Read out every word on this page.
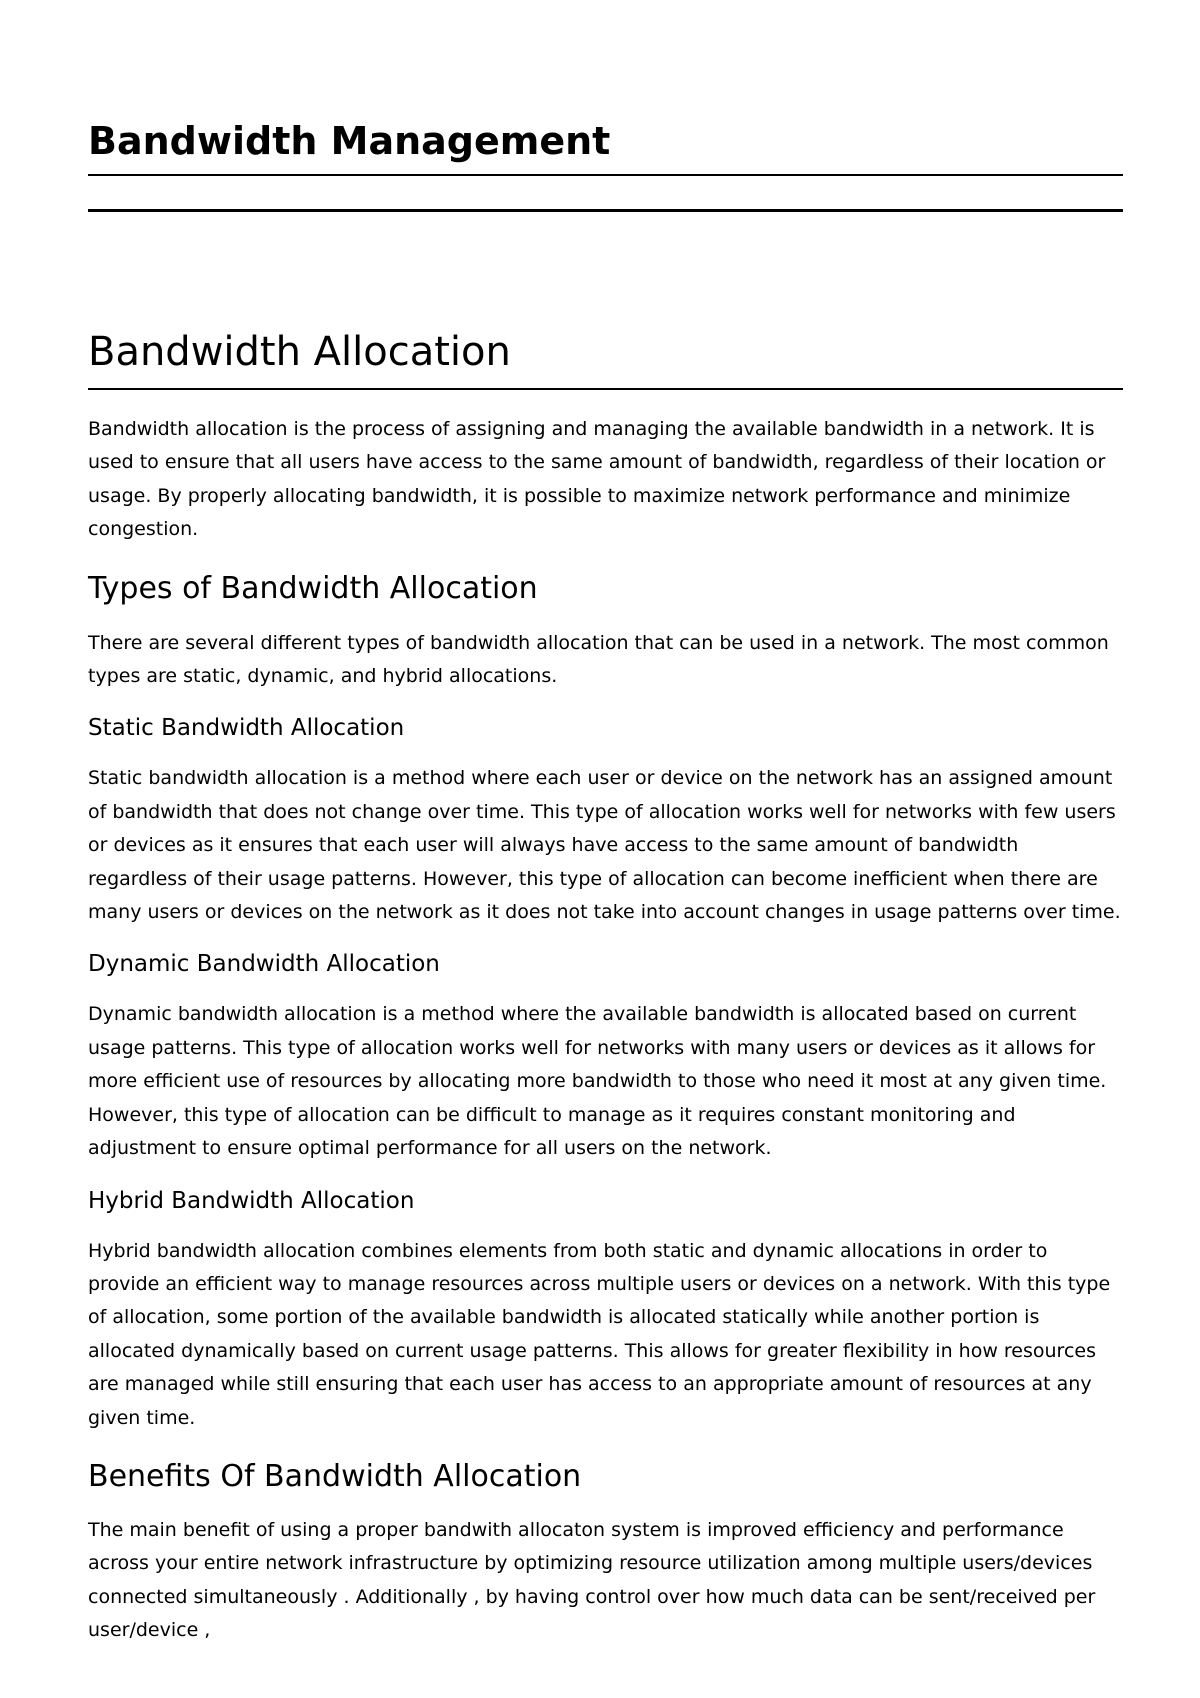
Bandwidth Management
Bandwidth Allocation

Bandwidth allocation is the process of assigning and managing the available bandwidth in a network. It is used to ensure that all users have access to the same amount of bandwidth, regardless of their location or usage. By properly allocating bandwidth, it is possible to maximize network performance and minimize congestion.

Types of Bandwidth Allocation

There are several different types of bandwidth allocation that can be used in a network. The most common types are static, dynamic, and hybrid allocations.

Static Bandwidth Allocation

Static bandwidth allocation is a method where each user or device on the network has an assigned amount of bandwidth that does not change over time. This type of allocation works well for networks with few users or devices as it ensures that each user will always have access to the same amount of bandwidth regardless of their usage patterns. However, this type of allocation can become inefficient when there are many users or devices on the network as it does not take into account changes in usage patterns over time.

Dynamic Bandwidth Allocation

Dynamic bandwidth allocation is a method where the available bandwidth is allocated based on current usage patterns. This type of allocation works well for networks with many users or devices as it allows for more efficient use of resources by allocating more bandwidth to those who need it most at any given time. However, this type of allocation can be difficult to manage as it requires constant monitoring and adjustment to ensure optimal performance for all users on the network.

Hybrid Bandwidth Allocation

Hybrid bandwidth allocation combines elements from both static and dynamic allocations in order to provide an efficient way to manage resources across multiple users or devices on a network. With this type of allocation, some portion of the available bandwidth is allocated statically while another portion is allocated dynamically based on current usage patterns. This allows for greater flexibility in how resources are managed while still ensuring that each user has access to an appropriate amount of resources at any given time.

Benefits Of Bandwidth Allocation

The main benefit of using a proper bandwith allocaton system is improved efficiency and performance across your entire network infrastructure by optimizing resource utilization among multiple users/devices connected simultaneously . Additionally , by having control over how much data can be sent/received per user/device ,
